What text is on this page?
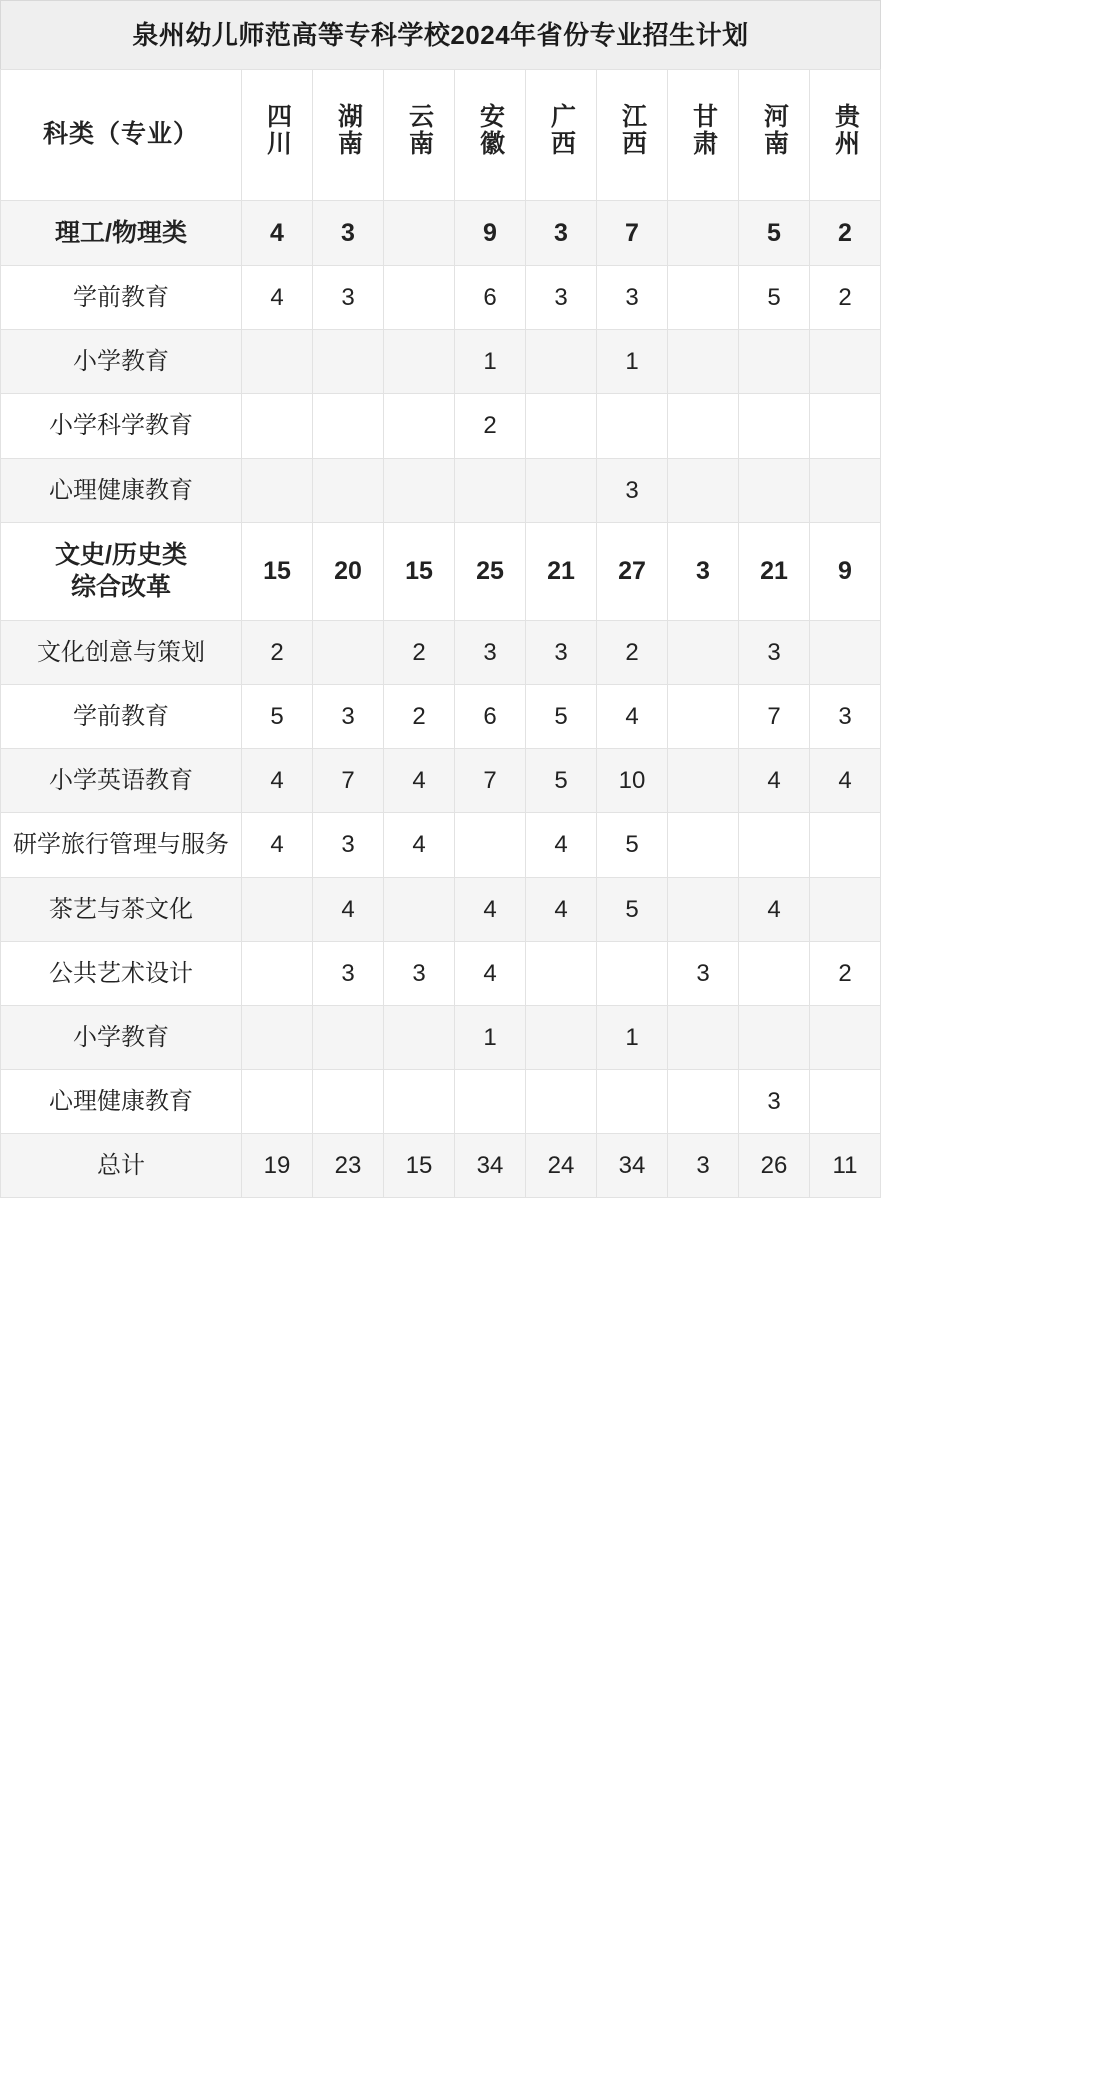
泉州幼儿师范高等专科学校2024年省份专业招生计划
科类（专业）	四川	湖南	云南	安徽	广西	江西	甘肃	河南	贵州
理工/物理类	4	3		9	3	7		5	2
学前教育	4	3		6	3	3		5	2
小学教育				1		1			
小学科学教育				2					
心理健康教育						3			
文史/历史类
综合改革	15	20	15	25	21	27	3	21	9
文化创意与策划	2		2	3	3	2		3	
学前教育	5	3	2	6	5	4		7	3
小学英语教育	4	7	4	7	5	10		4	4
研学旅行管理与服务	4	3	4		4	5			
茶艺与茶文化		4		4	4	5		4	
公共艺术设计		3	3	4			3		2
小学教育				1		1			
心理健康教育								3	
总计	19	23	15	34	24	34	3	26	11
